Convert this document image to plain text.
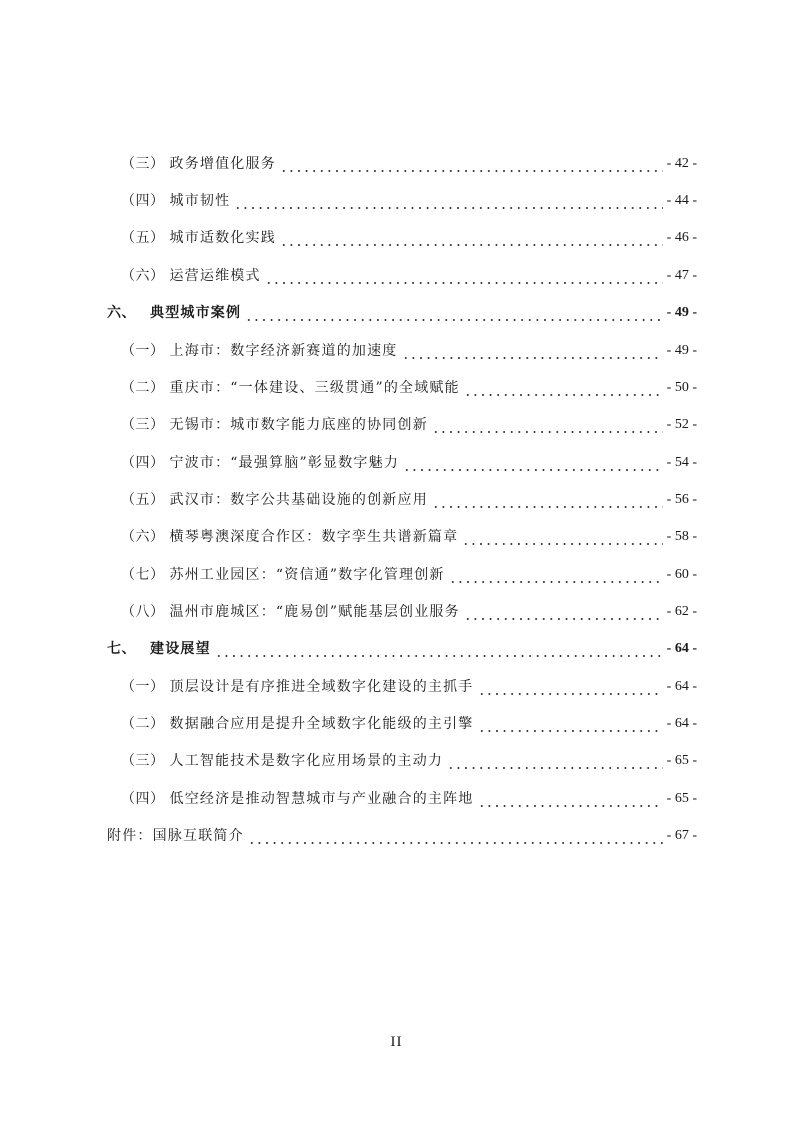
（三） 政务增值化服务	- 42 -
（四） 城市韧性	- 44 -
（五） 城市适数化实践	- 46 -
（六） 运营运维模式	- 47 -
六、 典型城市案例	- 49 -
（一） 上海市：数字经济新赛道的加速度	- 49 -
（二） 重庆市：“一体建设、三级贯通”的全域赋能	- 50 -
（三） 无锡市：城市数字能力底座的协同创新	- 52 -
（四） 宁波市：“最强算脑”彰显数字魅力	- 54 -
（五） 武汉市：数字公共基础设施的创新应用	- 56 -
（六） 横琴粤澳深度合作区：数字孪生共谱新篇章	- 58 -
（七） 苏州工业园区：“资信通”数字化管理创新	- 60 -
（八） 温州市鹿城区：“鹿易创”赋能基层创业服务	- 62 -
七、 建设展望	- 64 -
（一） 顶层设计是有序推进全域数字化建设的主抓手	- 64 -
（二） 数据融合应用是提升全域数字化能级的主引擎	- 64 -
（三） 人工智能技术是数字化应用场景的主动力	- 65 -
（四） 低空经济是推动智慧城市与产业融合的主阵地	- 65 -
附件：国脉互联简介	- 67 -
II
